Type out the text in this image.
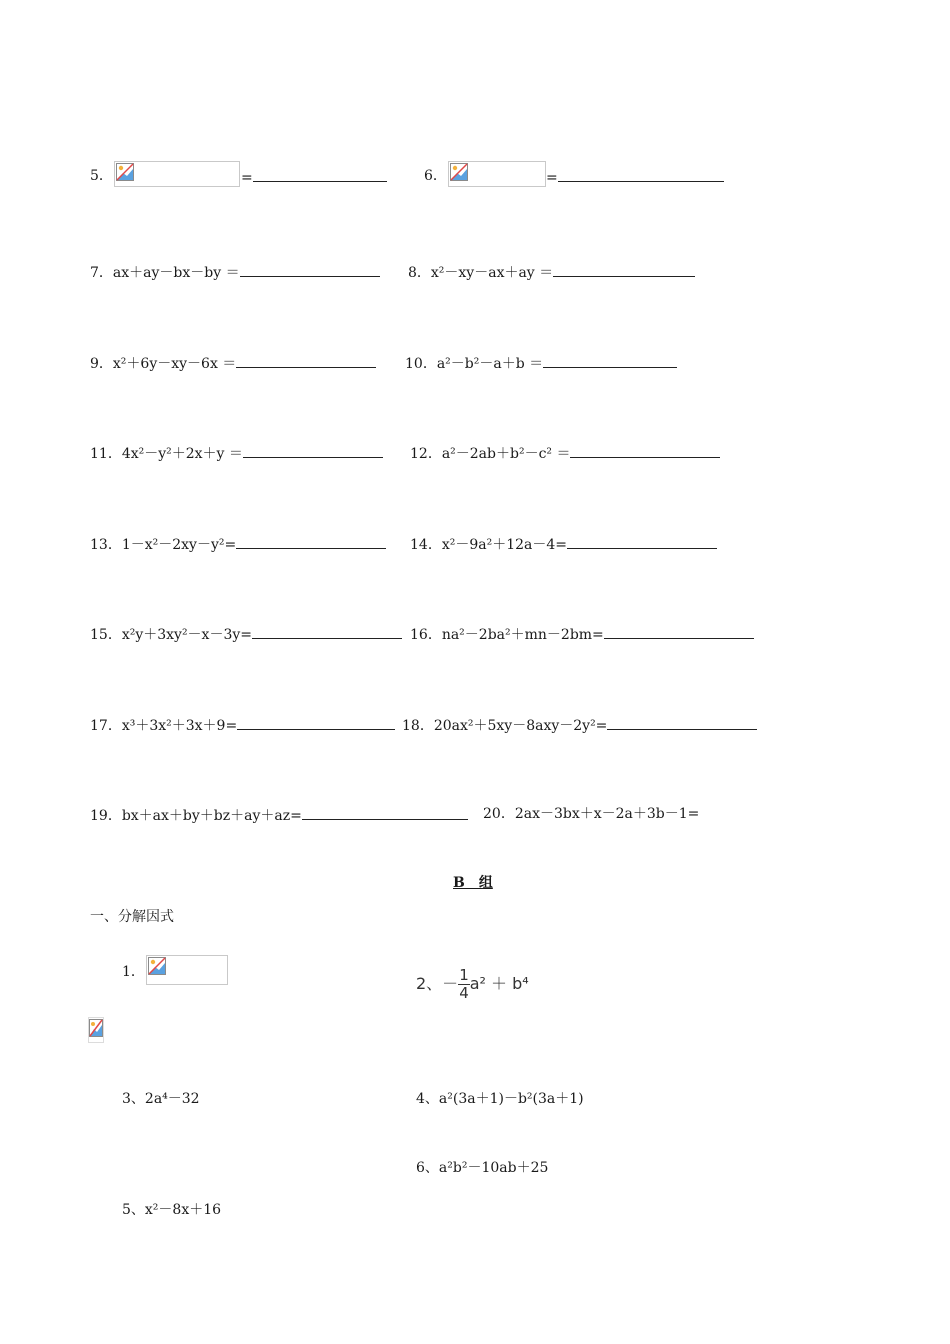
5．	=	6．	=
7．ax＋ay－bx－by ＝	8．x²－xy－ax＋ay ＝
9．x²＋6y－xy－6x ＝	10．a²－b²－a＋b ＝
11．4x²－y²＋2x＋y ＝	12．a²－2ab＋b²－c² ＝
13．1－x²－2xy－y²=	14．x²－9a²＋12a－4=
15．x²y＋3xy²－x－3y=	16．na²－2ba²＋mn－2bm=
17．x³＋3x²＋3x＋9=	18．20ax²＋5xy－8axy－2y²=
19．bx＋ax＋by＋bz＋ay＋az=	20．2ax－3bx＋x－2a＋3b－1=
B　组
一、分解因式
1．
2、－ $\frac{1}{4} a^2 + b^4$
3、2a⁴－32	4、a²(3a＋1)－b²(3a＋1)
6、a²b²－10ab＋25
5、x²－8x＋16
